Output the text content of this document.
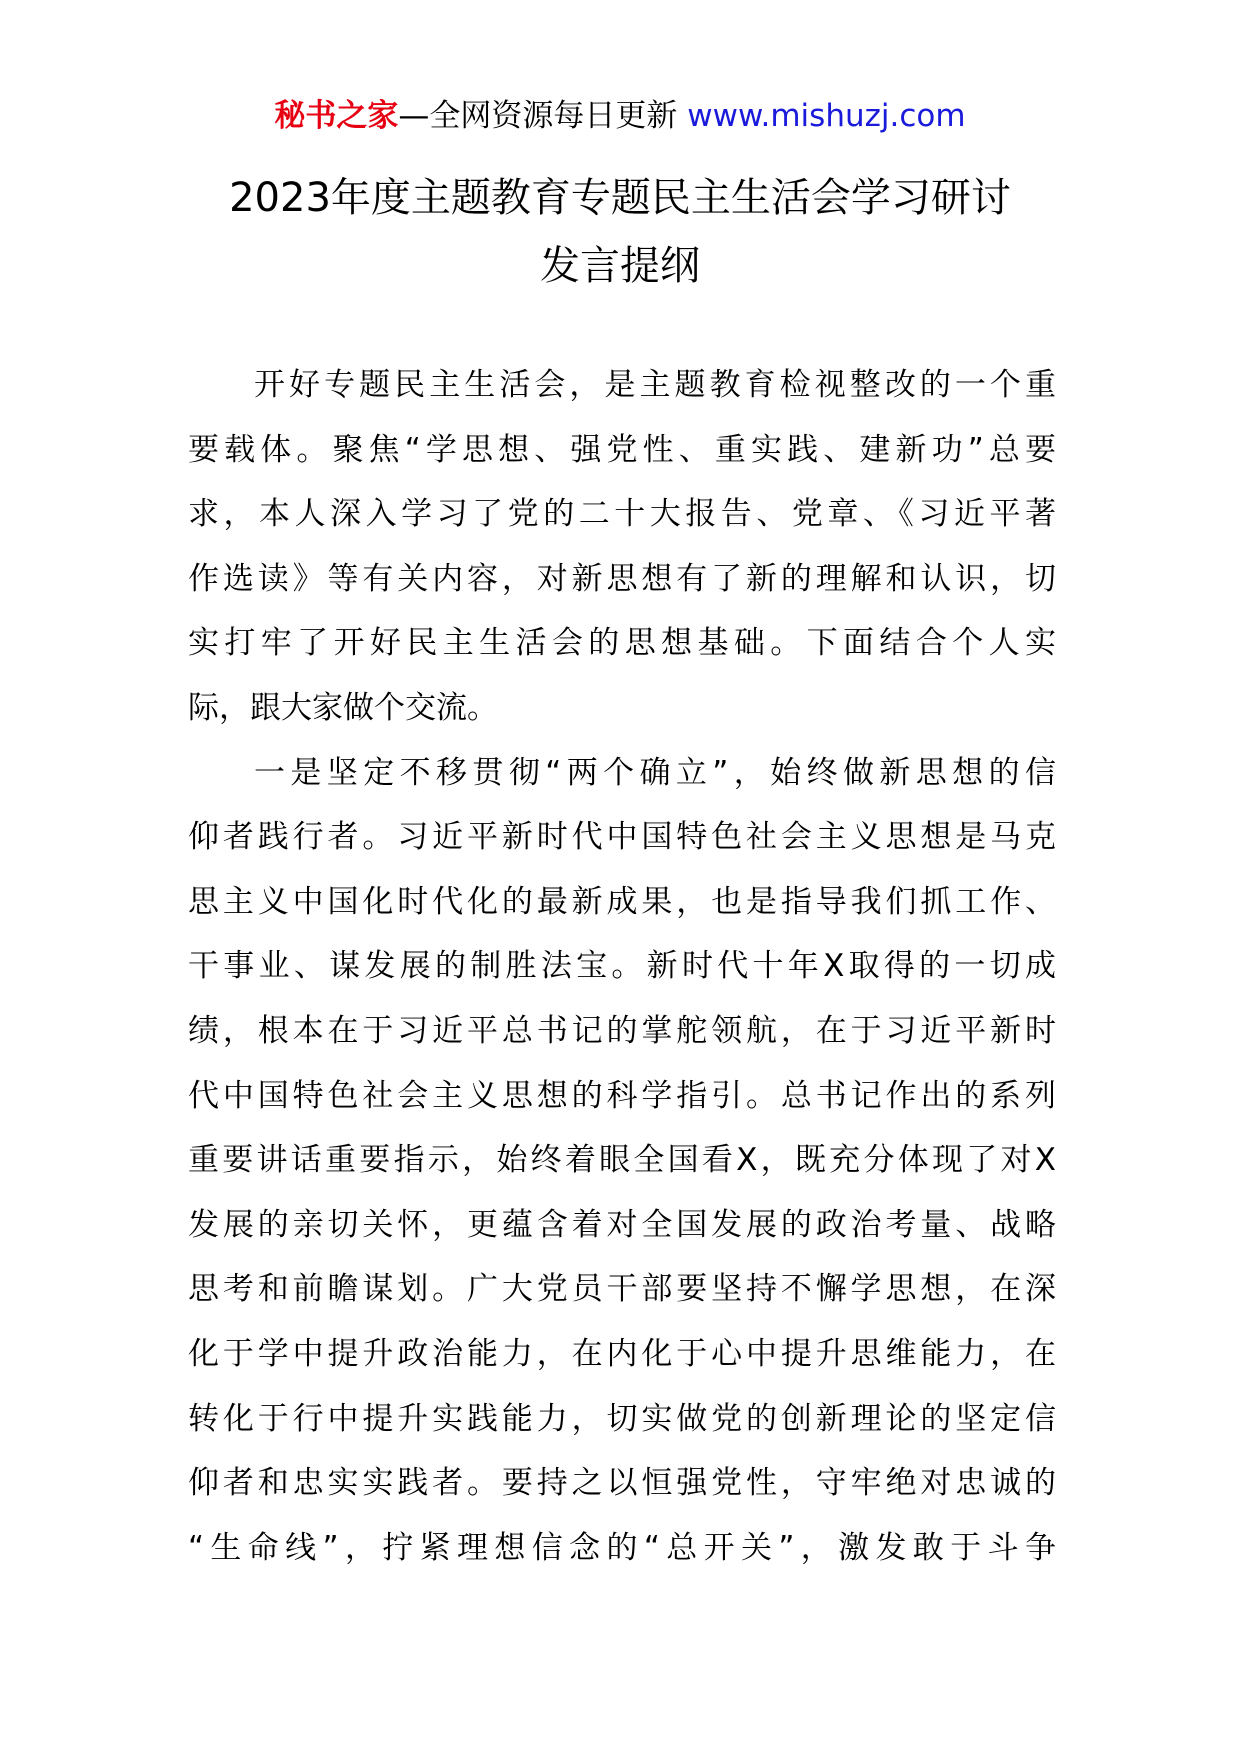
秘书之家—全网资源每日更新 www.mishuzj.com
2023年度主题教育专题民主生活会学习研讨
发言提纲
开好专题民主生活会，是主题教育检视整改的一个重
要载体。聚焦“学思想、强党性、重实践、建新功”总要
求，本人深入学习了党的二十大报告、党章、《习近平著
作选读》等有关内容，对新思想有了新的理解和认识，切
实打牢了开好民主生活会的思想基础。下面结合个人实
际，跟大家做个交流。
一是坚定不移贯彻“两个确立”，始终做新思想的信
仰者践行者。习近平新时代中国特色社会主义思想是马克
思主义中国化时代化的最新成果，也是指导我们抓工作、
干事业、谋发展的制胜法宝。新时代十年X取得的一切成
绩，根本在于习近平总书记的掌舵领航，在于习近平新时
代中国特色社会主义思想的科学指引。总书记作出的系列
重要讲话重要指示，始终着眼全国看X，既充分体现了对X
发展的亲切关怀，更蕴含着对全国发展的政治考量、战略
思考和前瞻谋划。广大党员干部要坚持不懈学思想，在深
化于学中提升政治能力，在内化于心中提升思维能力，在
转化于行中提升实践能力，切实做党的创新理论的坚定信
仰者和忠实实践者。要持之以恒强党性，守牢绝对忠诚的
“生命线”，拧紧理想信念的“总开关”，激发敢于斗争
